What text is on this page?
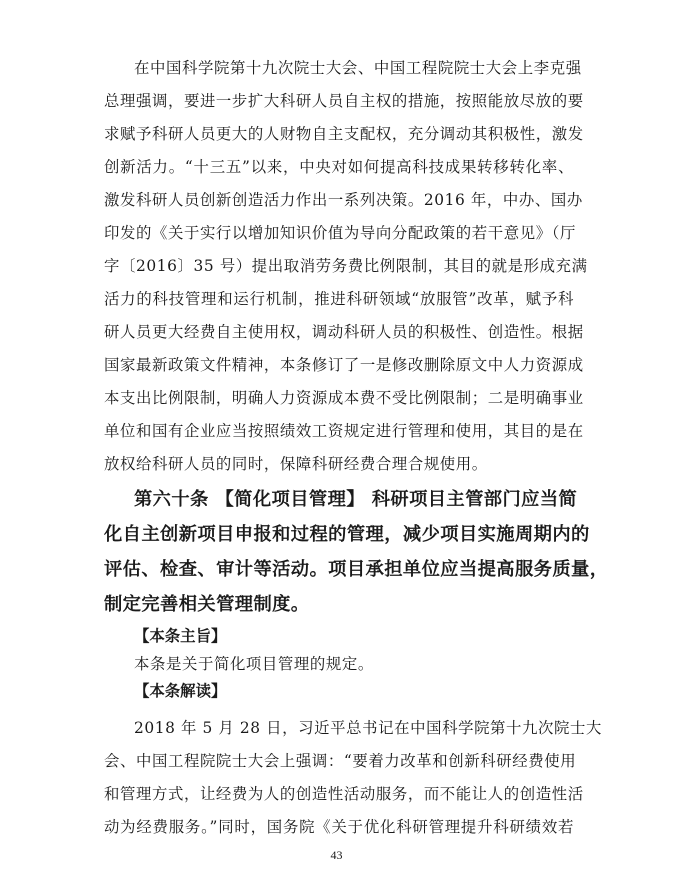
在中国科学院第十九次院士大会、中国工程院院士大会上李克强
总理强调，要进一步扩大科研人员自主权的措施，按照能放尽放的要
求赋予科研人员更大的人财物自主支配权，充分调动其积极性，激发
创新活力。“十三五”以来，中央对如何提高科技成果转移转化率、
激发科研人员创新创造活力作出一系列决策。2016 年，中办、国办
印发的《关于实行以增加知识价值为导向分配政策的若干意见》（厅
字〔2016〕35 号）提出取消劳务费比例限制，其目的就是形成充满
活力的科技管理和运行机制，推进科研领域“放服管”改革，赋予科
研人员更大经费自主使用权，调动科研人员的积极性、创造性。根据
国家最新政策文件精神，本条修订了一是修改删除原文中人力资源成
本支出比例限制，明确人力资源成本费不受比例限制；二是明确事业
单位和国有企业应当按照绩效工资规定进行管理和使用，其目的是在
放权给科研人员的同时，保障科研经费合理合规使用。
第六十条 【简化项目管理】 科研项目主管部门应当简
化自主创新项目申报和过程的管理，减少项目实施周期内的
评估、检查、审计等活动。项目承担单位应当提高服务质量，
制定完善相关管理制度。
【本条主旨】
本条是关于简化项目管理的规定。
【本条解读】
2018 年 5 月 28 日，习近平总书记在中国科学院第十九次院士大
会、中国工程院院士大会上强调：“要着力改革和创新科研经费使用
和管理方式，让经费为人的创造性活动服务，而不能让人的创造性活
动为经费服务。”同时，国务院《关于优化科研管理提升科研绩效若
43
